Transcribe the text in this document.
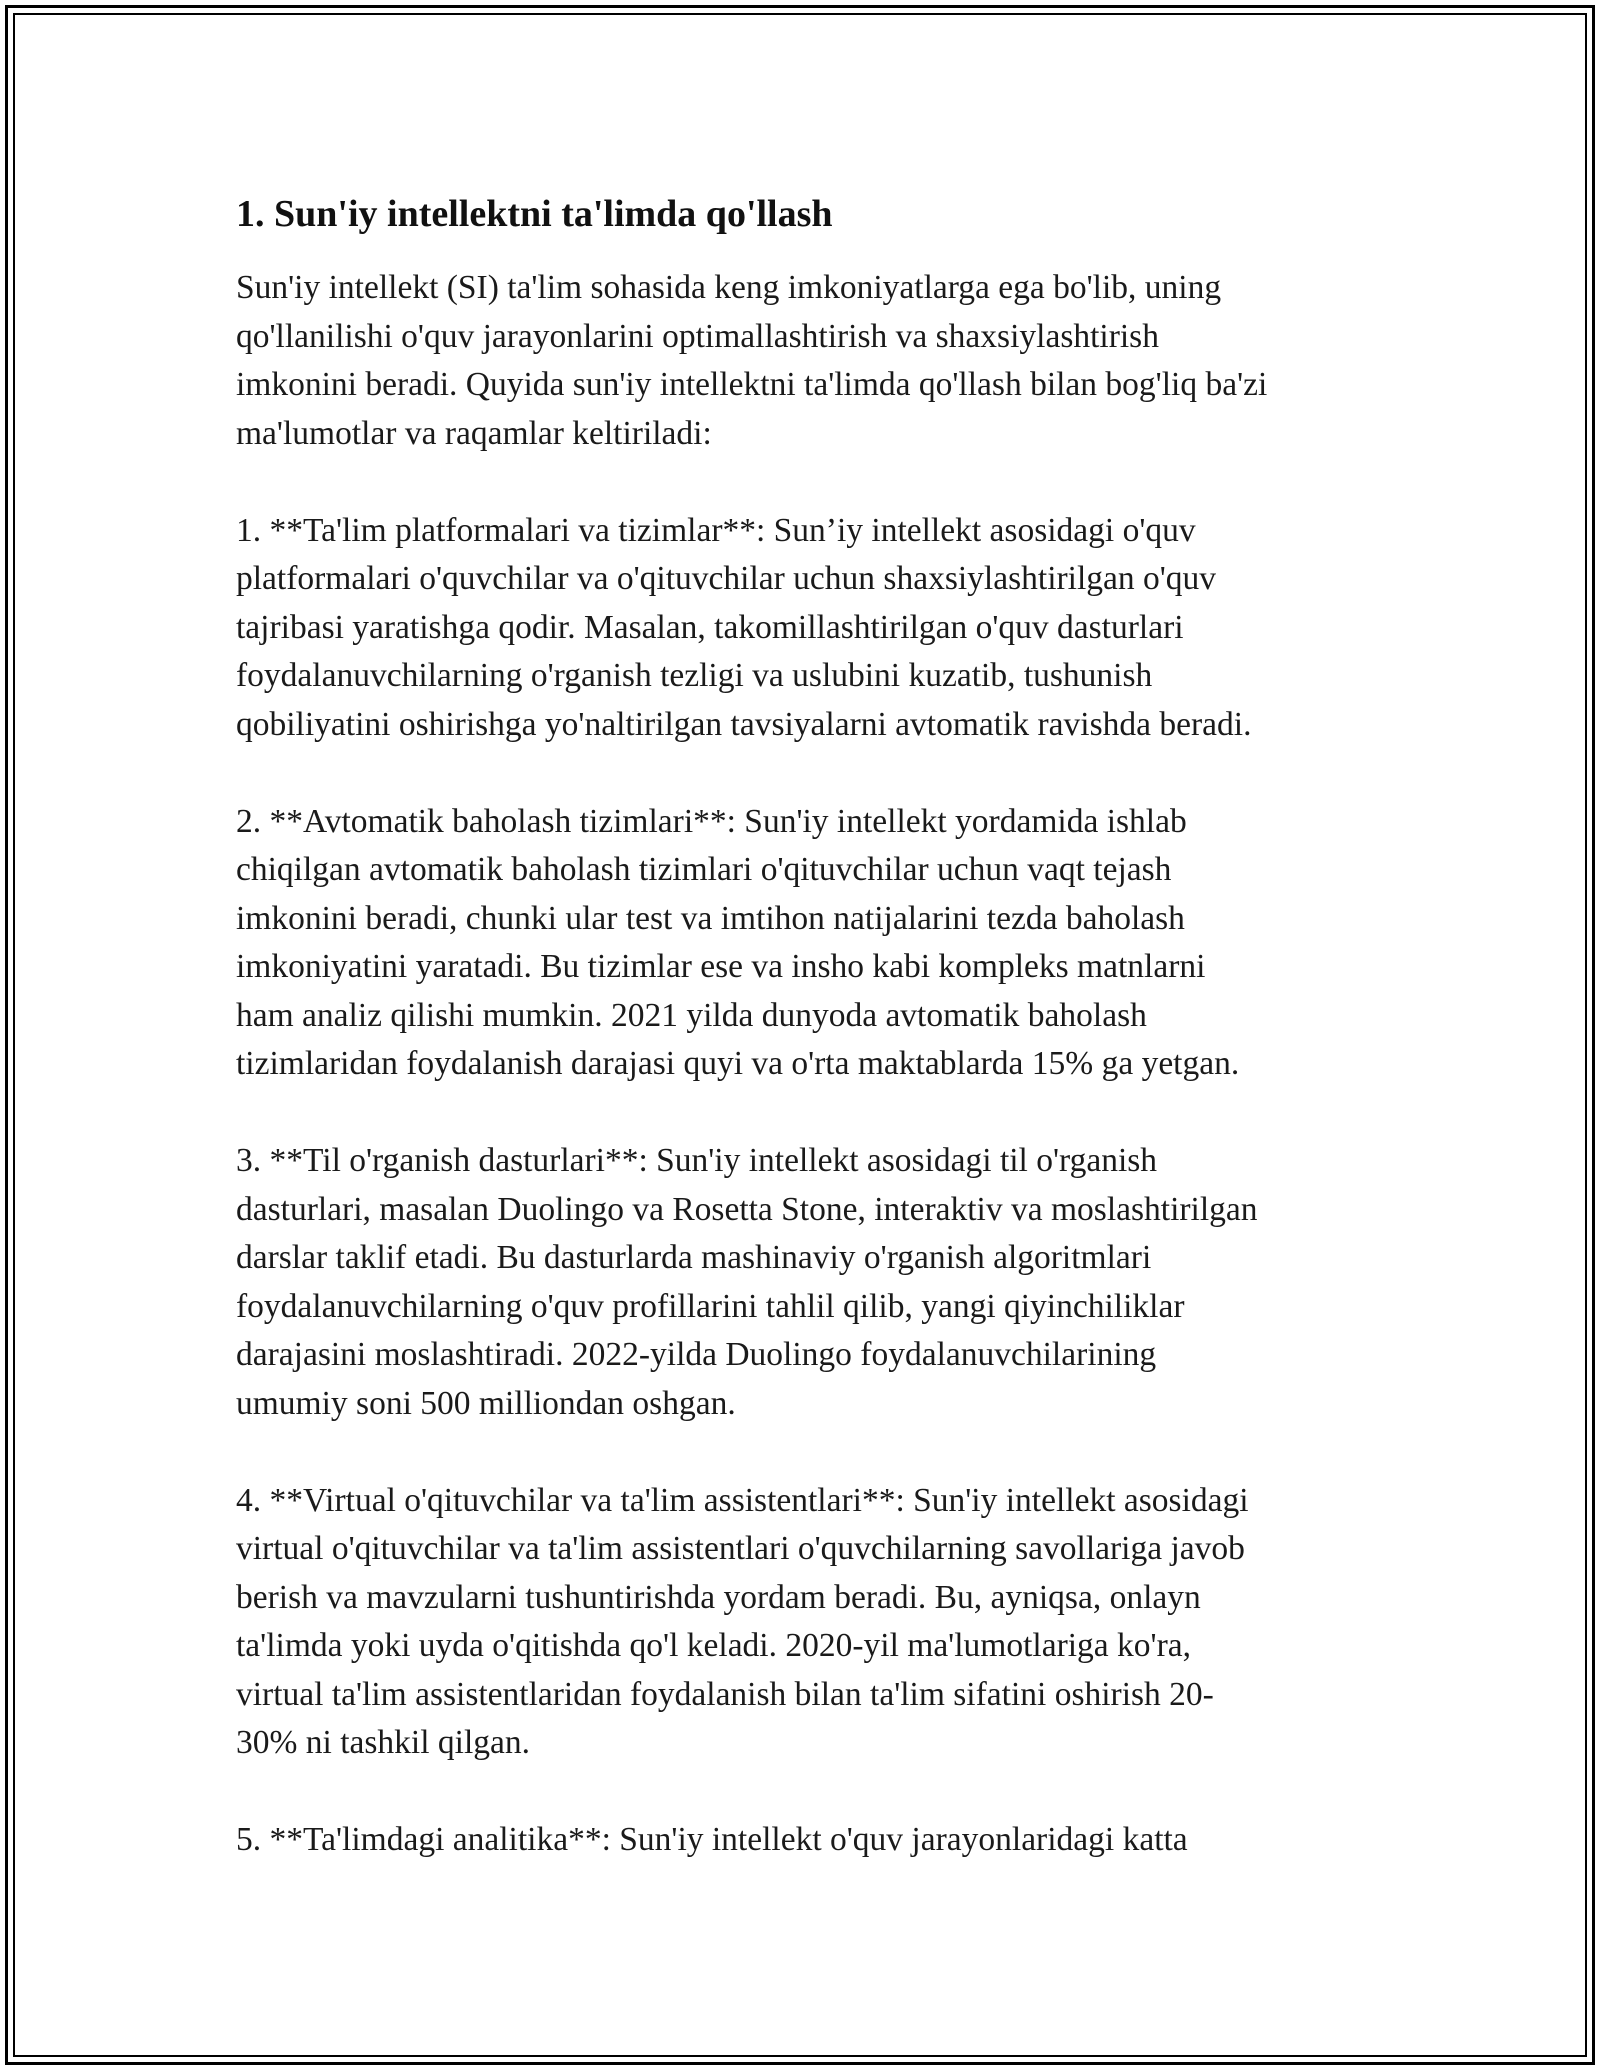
1. Sun'iy intellektni ta'limda qo'llash

Sun'iy intellekt (SI) ta'lim sohasida keng imkoniyatlarga ega bo'lib, uning
qo'llanilishi o'quv jarayonlarini optimallashtirish va shaxsiylashtirish
imkonini beradi. Quyida sun'iy intellektni ta'limda qo'llash bilan bog'liq ba'zi
ma'lumotlar va raqamlar keltiriladi:

1. **Ta'lim platformalari va tizimlar**: Sun’iy intellekt asosidagi o'quv
platformalari o'quvchilar va o'qituvchilar uchun shaxsiylashtirilgan o'quv
tajribasi yaratishga qodir. Masalan, takomillashtirilgan o'quv dasturlari
foydalanuvchilarning o'rganish tezligi va uslubini kuzatib, tushunish
qobiliyatini oshirishga yo'naltirilgan tavsiyalarni avtomatik ravishda beradi.

2. **Avtomatik baholash tizimlari**: Sun'iy intellekt yordamida ishlab
chiqilgan avtomatik baholash tizimlari o'qituvchilar uchun vaqt tejash
imkonini beradi, chunki ular test va imtihon natijalarini tezda baholash
imkoniyatini yaratadi. Bu tizimlar ese va insho kabi kompleks matnlarni
ham analiz qilishi mumkin. 2021 yilda dunyoda avtomatik baholash
tizimlaridan foydalanish darajasi quyi va o'rta maktablarda 15% ga yetgan.

3. **Til o'rganish dasturlari**: Sun'iy intellekt asosidagi til o'rganish
dasturlari, masalan Duolingo va Rosetta Stone, interaktiv va moslashtirilgan
darslar taklif etadi. Bu dasturlarda mashinaviy o'rganish algoritmlari
foydalanuvchilarning o'quv profillarini tahlil qilib, yangi qiyinchiliklar
darajasini moslashtiradi. 2022-yilda Duolingo foydalanuvchilarining
umumiy soni 500 milliondan oshgan.

4. **Virtual o'qituvchilar va ta'lim assistentlari**: Sun'iy intellekt asosidagi
virtual o'qituvchilar va ta'lim assistentlari o'quvchilarning savollariga javob
berish va mavzularni tushuntirishda yordam beradi. Bu, ayniqsa, onlayn
ta'limda yoki uyda o'qitishda qo'l keladi. 2020-yil ma'lumotlariga ko'ra,
virtual ta'lim assistentlaridan foydalanish bilan ta'lim sifatini oshirish 20-
30% ni tashkil qilgan.

5. **Ta'limdagi analitika**: Sun'iy intellekt o'quv jarayonlaridagi katta
